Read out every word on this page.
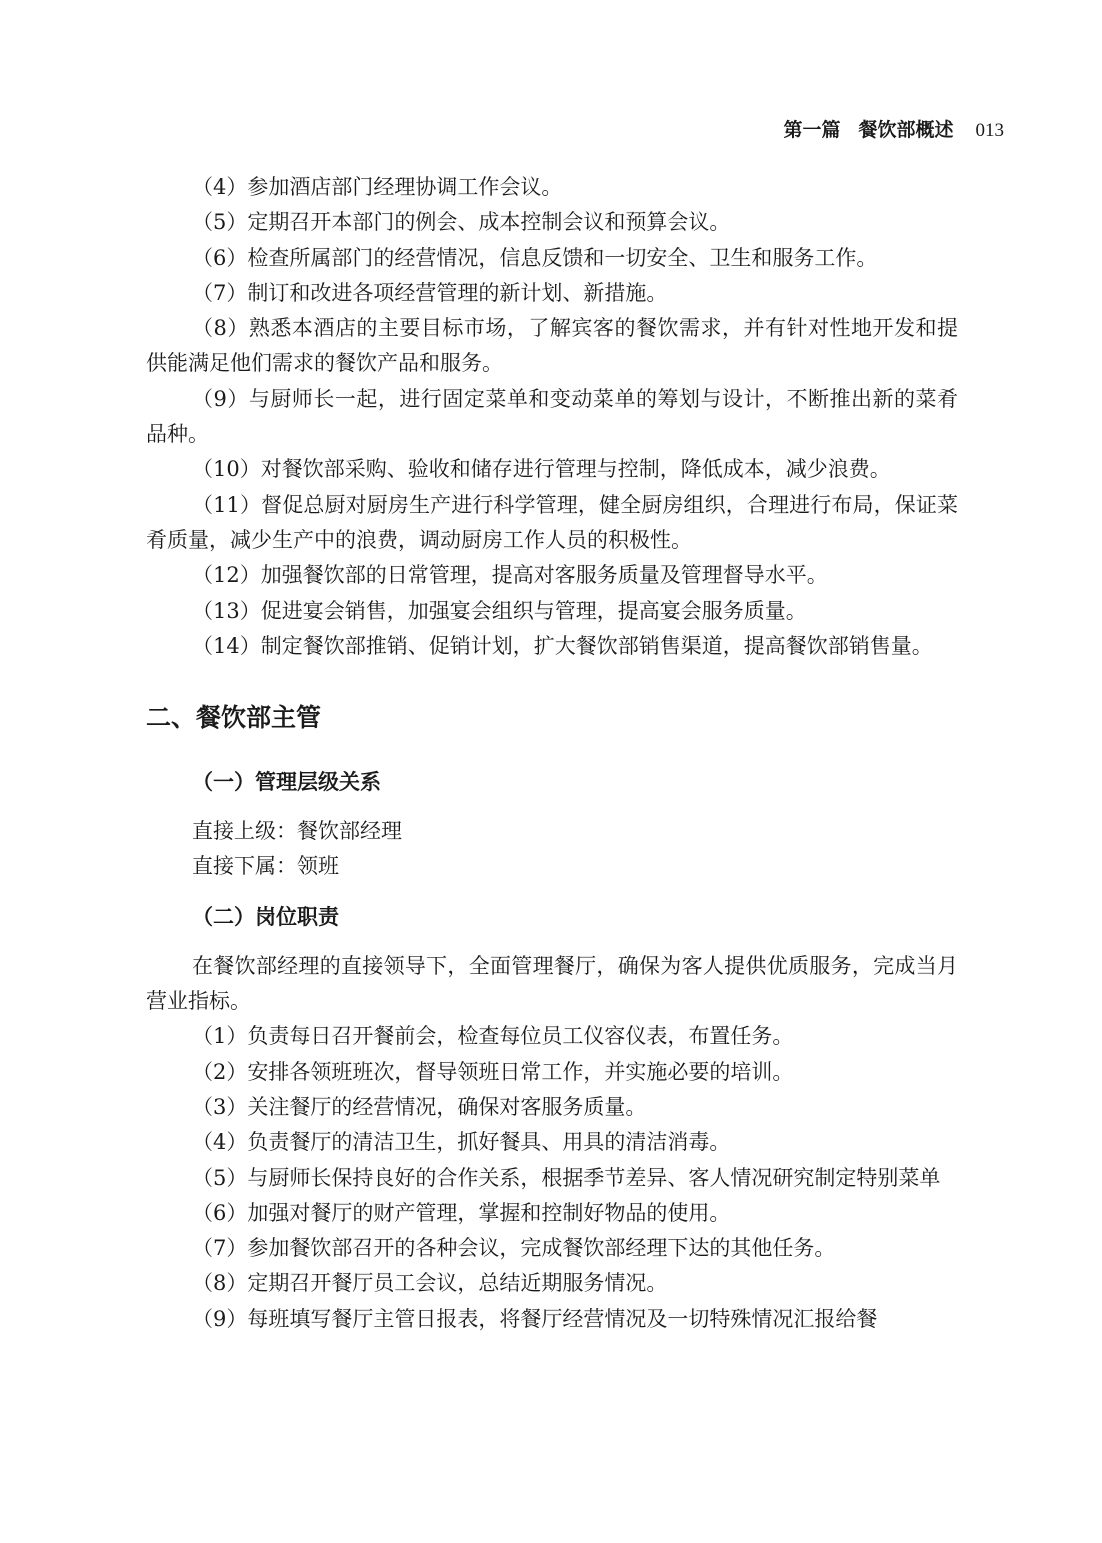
第一篇 餐饮部概述 013

（4）参加酒店部门经理协调工作会议。

（5）定期召开本部门的例会、成本控制会议和预算会议。

（6）检查所属部门的经营情况，信息反馈和一切安全、卫生和服务工作。

（7）制订和改进各项经营管理的新计划、新措施。

（8）熟悉本酒店的主要目标市场，了解宾客的餐饮需求，并有针对性地开发和提供能满足他们需求的餐饮产品和服务。

（9）与厨师长一起，进行固定菜单和变动菜单的筹划与设计，不断推出新的菜肴品种。

（10）对餐饮部采购、验收和储存进行管理与控制，降低成本，减少浪费。

（11）督促总厨对厨房生产进行科学管理，健全厨房组织，合理进行布局，保证菜肴质量，减少生产中的浪费，调动厨房工作人员的积极性。

（12）加强餐饮部的日常管理，提高对客服务质量及管理督导水平。

（13）促进宴会销售，加强宴会组织与管理，提高宴会服务质量。

（14）制定餐饮部推销、促销计划，扩大餐饮部销售渠道，提高餐饮部销售量。

二、餐饮部主管
（一）管理层级关系

直接上级：餐饮部经理

直接下属：领班

（二）岗位职责

在餐饮部经理的直接领导下，全面管理餐厅，确保为客人提供优质服务，完成当月营业指标。

（1）负责每日召开餐前会，检查每位员工仪容仪表，布置任务。

（2）安排各领班班次，督导领班日常工作，并实施必要的培训。

（3）关注餐厅的经营情况，确保对客服务质量。

（4）负责餐厅的清洁卫生，抓好餐具、用具的清洁消毒。

（5）与厨师长保持良好的合作关系，根据季节差异、客人情况研究制定特别菜单

（6）加强对餐厅的财产管理，掌握和控制好物品的使用。

（7）参加餐饮部召开的各种会议，完成餐饮部经理下达的其他任务。

（8）定期召开餐厅员工会议，总结近期服务情况。

（9）每班填写餐厅主管日报表，将餐厅经营情况及一切特殊情况汇报给餐
